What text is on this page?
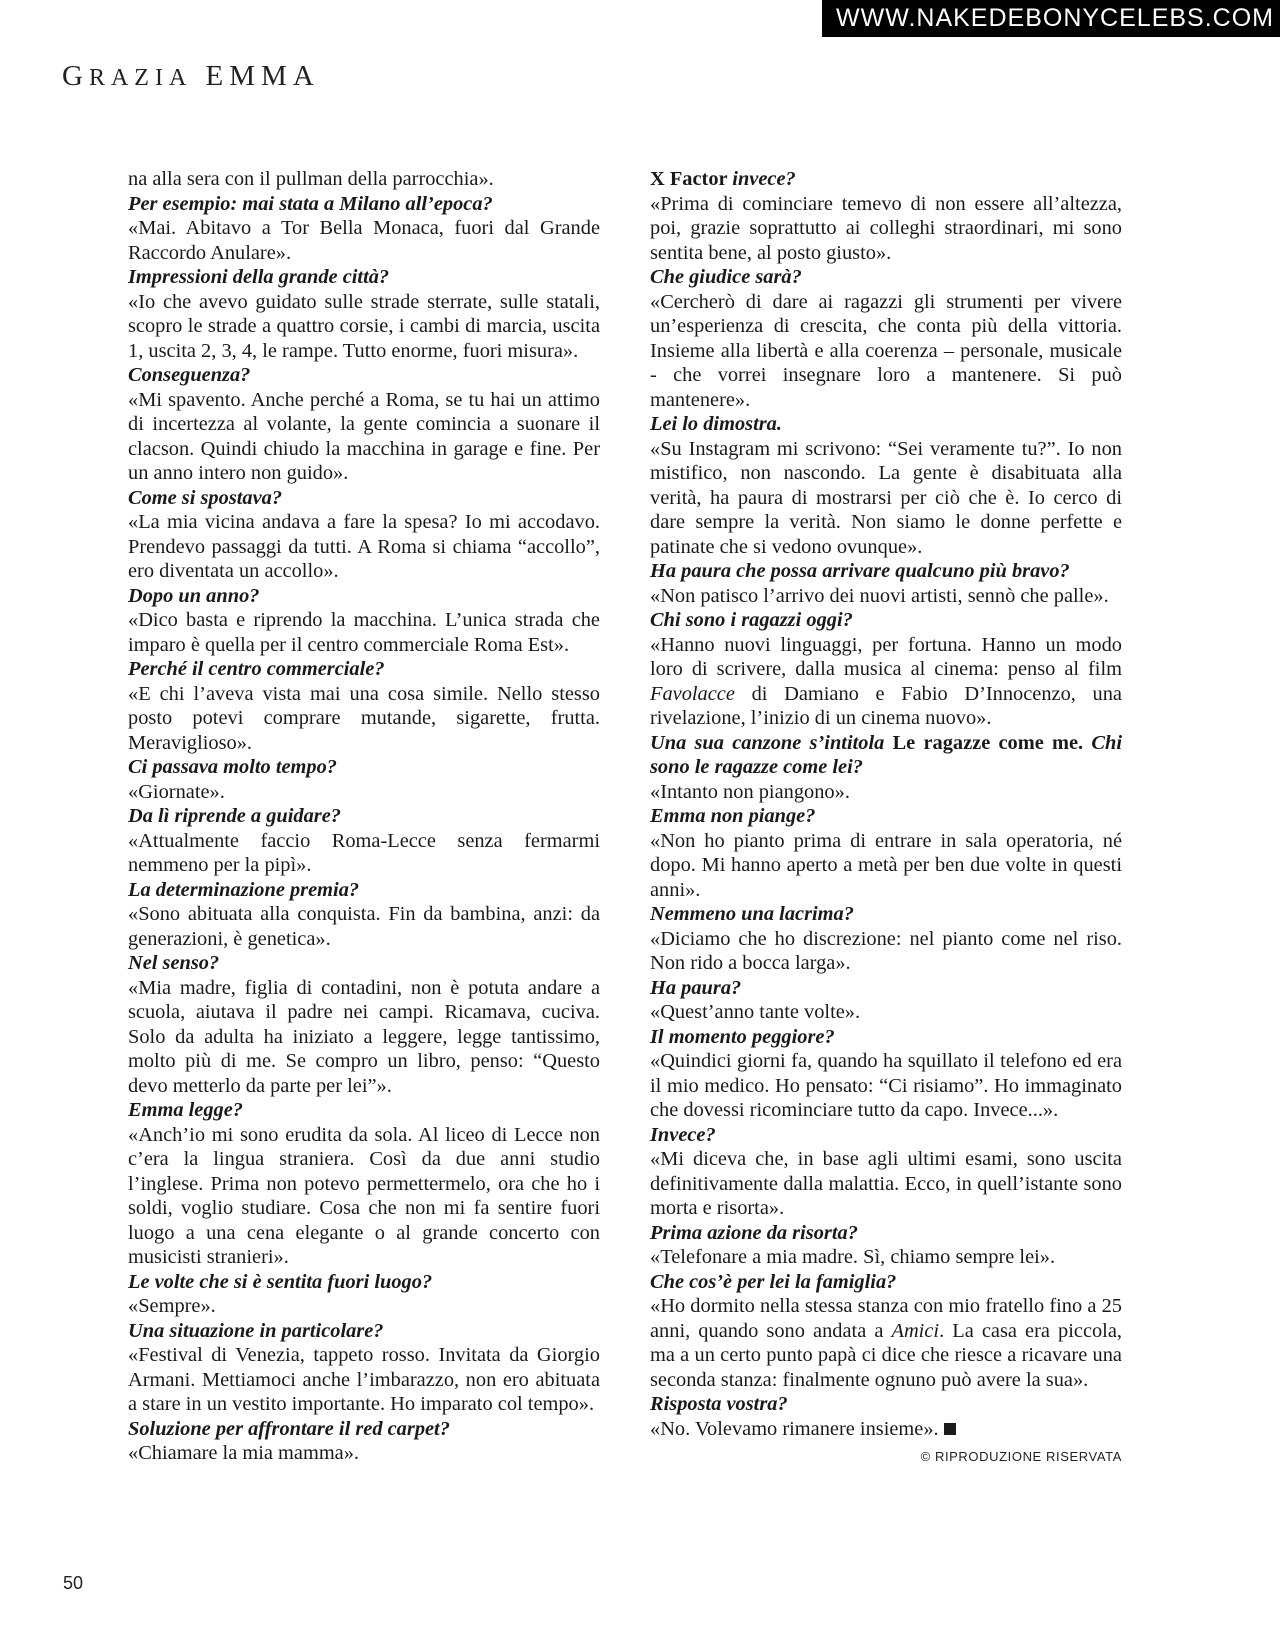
WWW.NAKEDEBONYCELEBS.COM
GRAZIA EMMA

na alla sera con il pullman della parrocchia».

Per esempio: mai stata a Milano all’epoca?

«Mai. Abitavo a Tor Bella Monaca, fuori dal Grande Raccordo Anulare».

Impressioni della grande città?

«Io che avevo guidato sulle strade sterrate, sulle statali, scopro le strade a quattro corsie, i cambi di marcia, uscita 1, uscita 2, 3, 4, le rampe. Tutto enorme, fuori misura».

Conseguenza?

«Mi spavento. Anche perché a Roma, se tu hai un attimo di incertezza al volante, la gente comincia a suonare il clacson. Quindi chiudo la macchina in garage e fine. Per un anno intero non guido».

Come si spostava?

«La mia vicina andava a fare la spesa? Io mi accodavo. Prendevo passaggi da tutti. A Roma si chiama “accollo”, ero diventata un accollo».

Dopo un anno?

«Dico basta e riprendo la macchina. L’unica strada che imparo è quella per il centro commerciale Roma Est».

Perché il centro commerciale?

«E chi l’aveva vista mai una cosa simile. Nello stesso posto potevi comprare mutande, sigarette, frutta. Meraviglioso».

Ci passava molto tempo?

«Giornate».

Da lì riprende a guidare?

«Attualmente faccio Roma-Lecce senza fermarmi nemmeno per la pipì».

La determinazione premia?

«Sono abituata alla conquista. Fin da bambina, anzi: da generazioni, è genetica».

Nel senso?

«Mia madre, figlia di contadini, non è potuta andare a scuola, aiutava il padre nei campi. Ricamava, cuciva. Solo da adulta ha iniziato a leggere, legge tantissimo, molto più di me. Se compro un libro, penso: “Questo devo metterlo da parte per lei”».

Emma legge?

«Anch’io mi sono erudita da sola. Al liceo di Lecce non c’era la lingua straniera. Così da due anni studio l’inglese. Prima non potevo permettermelo, ora che ho i soldi, voglio studiare. Cosa che non mi fa sentire fuori luogo a una cena elegante o al grande concerto con musicisti stranieri».

Le volte che si è sentita fuori luogo?

«Sempre».

Una situazione in particolare?

«Festival di Venezia, tappeto rosso. Invitata da Giorgio Armani. Mettiamoci anche l’imbarazzo, non ero abituata a stare in un vestito importante. Ho imparato col tempo».

Soluzione per affrontare il red carpet?

«Chiamare la mia mamma».

X Factor invece?

«Prima di cominciare temevo di non essere all’altezza, poi, grazie soprattutto ai colleghi straordinari, mi sono sentita bene, al posto giusto».

Che giudice sarà?

«Cercherò di dare ai ragazzi gli strumenti per vivere un’esperienza di crescita, che conta più della vittoria. Insieme alla libertà e alla coerenza – personale, musicale - che vorrei insegnare loro a mantenere. Si può mantenere».

Lei lo dimostra.

«Su Instagram mi scrivono: “Sei veramente tu?”. Io non mistifico, non nascondo. La gente è disabituata alla verità, ha paura di mostrarsi per ciò che è. Io cerco di dare sempre la verità. Non siamo le donne perfette e patinate che si vedono ovunque».

Ha paura che possa arrivare qualcuno più bravo?

«Non patisco l’arrivo dei nuovi artisti, sennò che palle».

Chi sono i ragazzi oggi?

«Hanno nuovi linguaggi, per fortuna. Hanno un modo loro di scrivere, dalla musica al cinema: penso al film Favolacce di Damiano e Fabio D’Innocenzo, una rivelazione, l’inizio di un cinema nuovo».

Una sua canzone s’intitola Le ragazze come me. Chi sono le ragazze come lei?

«Intanto non piangono».

Emma non piange?

«Non ho pianto prima di entrare in sala operatoria, né dopo. Mi hanno aperto a metà per ben due volte in questi anni».

Nemmeno una lacrima?

«Diciamo che ho discrezione: nel pianto come nel riso. Non rido a bocca larga».

Ha paura?

«Quest’anno tante volte».

Il momento peggiore?

«Quindici giorni fa, quando ha squillato il telefono ed era il mio medico. Ho pensato: “Ci risiamo”. Ho immaginato che dovessi ricominciare tutto da capo. Invece...».

Invece?

«Mi diceva che, in base agli ultimi esami, sono uscita definitivamente dalla malattia. Ecco, in quell’istante sono morta e risorta».

Prima azione da risorta?

«Telefonare a mia madre. Sì, chiamo sempre lei».

Che cos’è per lei la famiglia?

«Ho dormito nella stessa stanza con mio fratello fino a 25 anni, quando sono andata a Amici. La casa era piccola, ma a un certo punto papà ci dice che riesce a ricavare una seconda stanza: finalmente ognuno può avere la sua».

Risposta vostra?

«No. Volevamo rimanere insieme».

© RIPRODUZIONE RISERVATA
50
